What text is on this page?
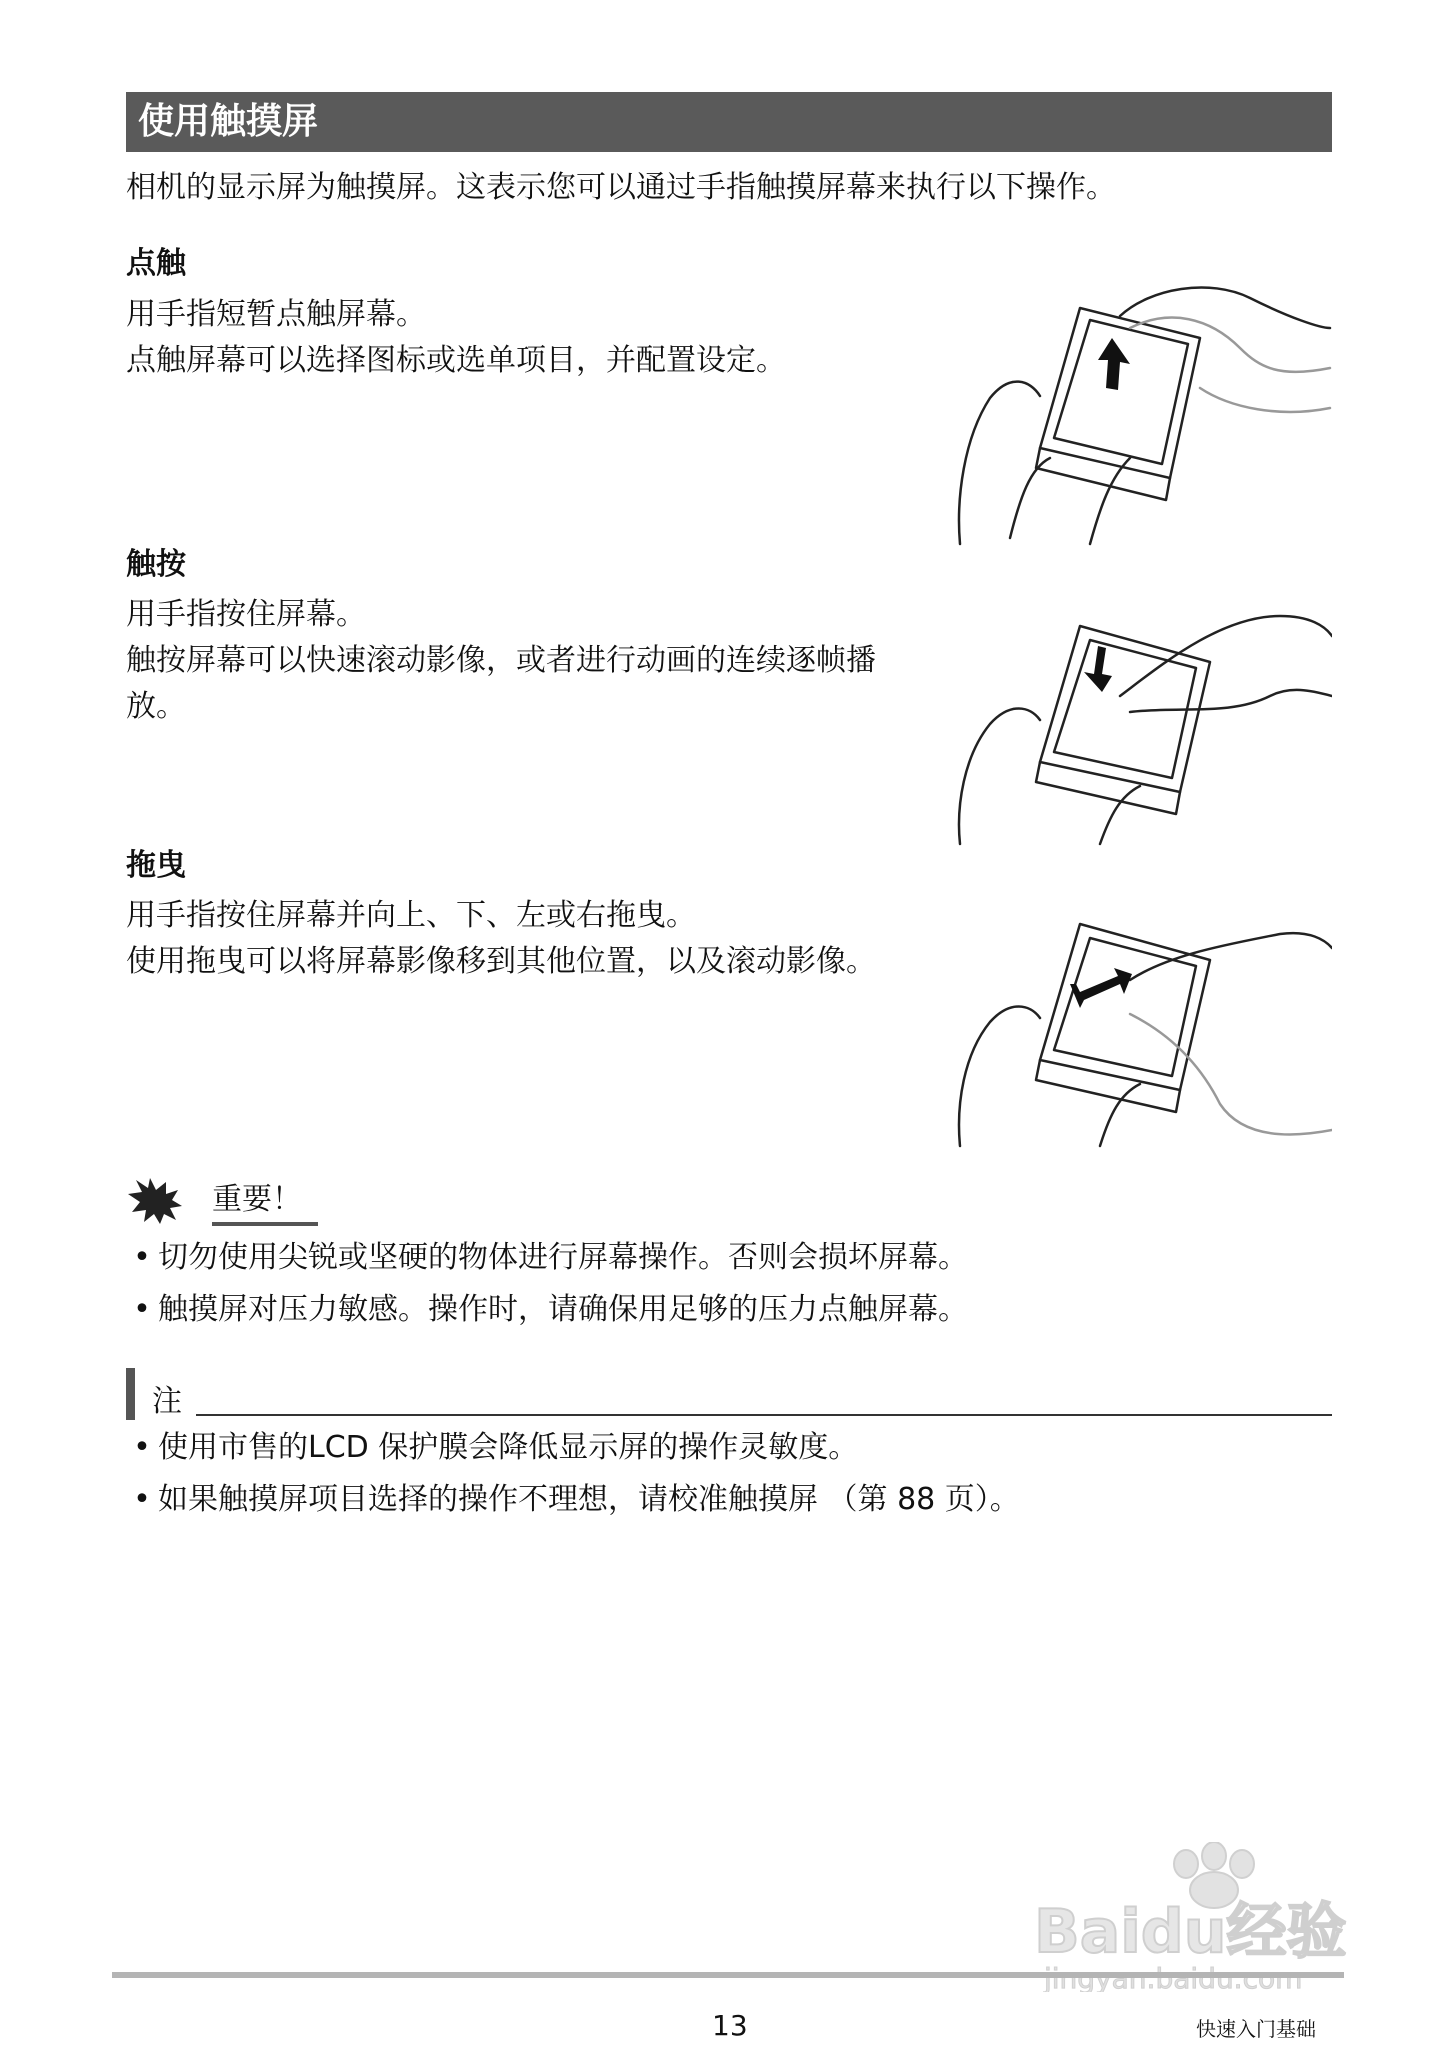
使用触摸屏
相机的显示屏为触摸屏。这表示您可以通过手指触摸屏幕来执行以下操作。
点触

用手指短暂点触屏幕。

点触屏幕可以选择图标或选单项目，并配置设定。

触按

用手指按住屏幕。

触按屏幕可以快速滚动影像，或者进行动画的连续逐帧播放。

拖曳

用手指按住屏幕并向上、下、左或右拖曳。

使用拖曳可以将屏幕影像移到其他位置，以及滚动影像。

重要！
• 切勿使用尖锐或坚硬的物体进行屏幕操作。否则会损坏屏幕。
• 触摸屏对压力敏感。操作时，请确保用足够的压力点触屏幕。
注
• 使用市售的LCD 保护膜会降低显示屏的操作灵敏度。
• 如果触摸屏项目选择的操作不理想，请校准触摸屏 （第 88 页）。
Baidu经验
13	快速入门基础
